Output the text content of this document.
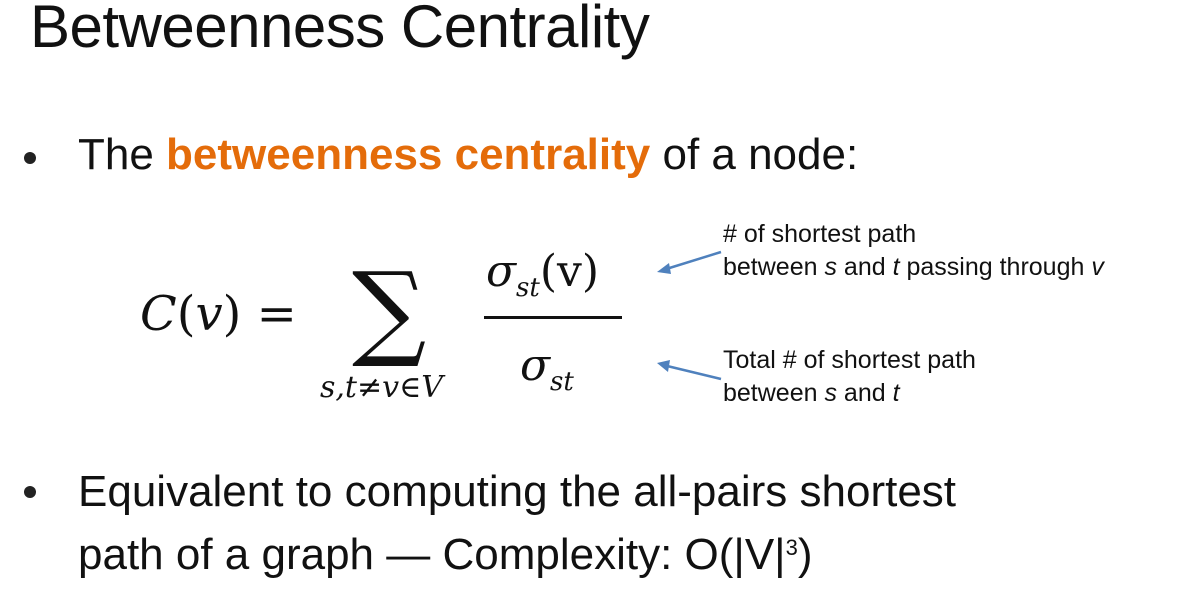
Betweenness Centrality
The betweenness centrality of a node:
C(v) = ∑
s,t≠v∈V
$\sigma_{st}(v)$
$\sigma_{st}$
# of shortest path
between s and t passing through v
Total # of shortest path
between s and t
Equivalent to computing the all-pairs shortest
path of a graph — Complexity: $O(|V|^3)$
